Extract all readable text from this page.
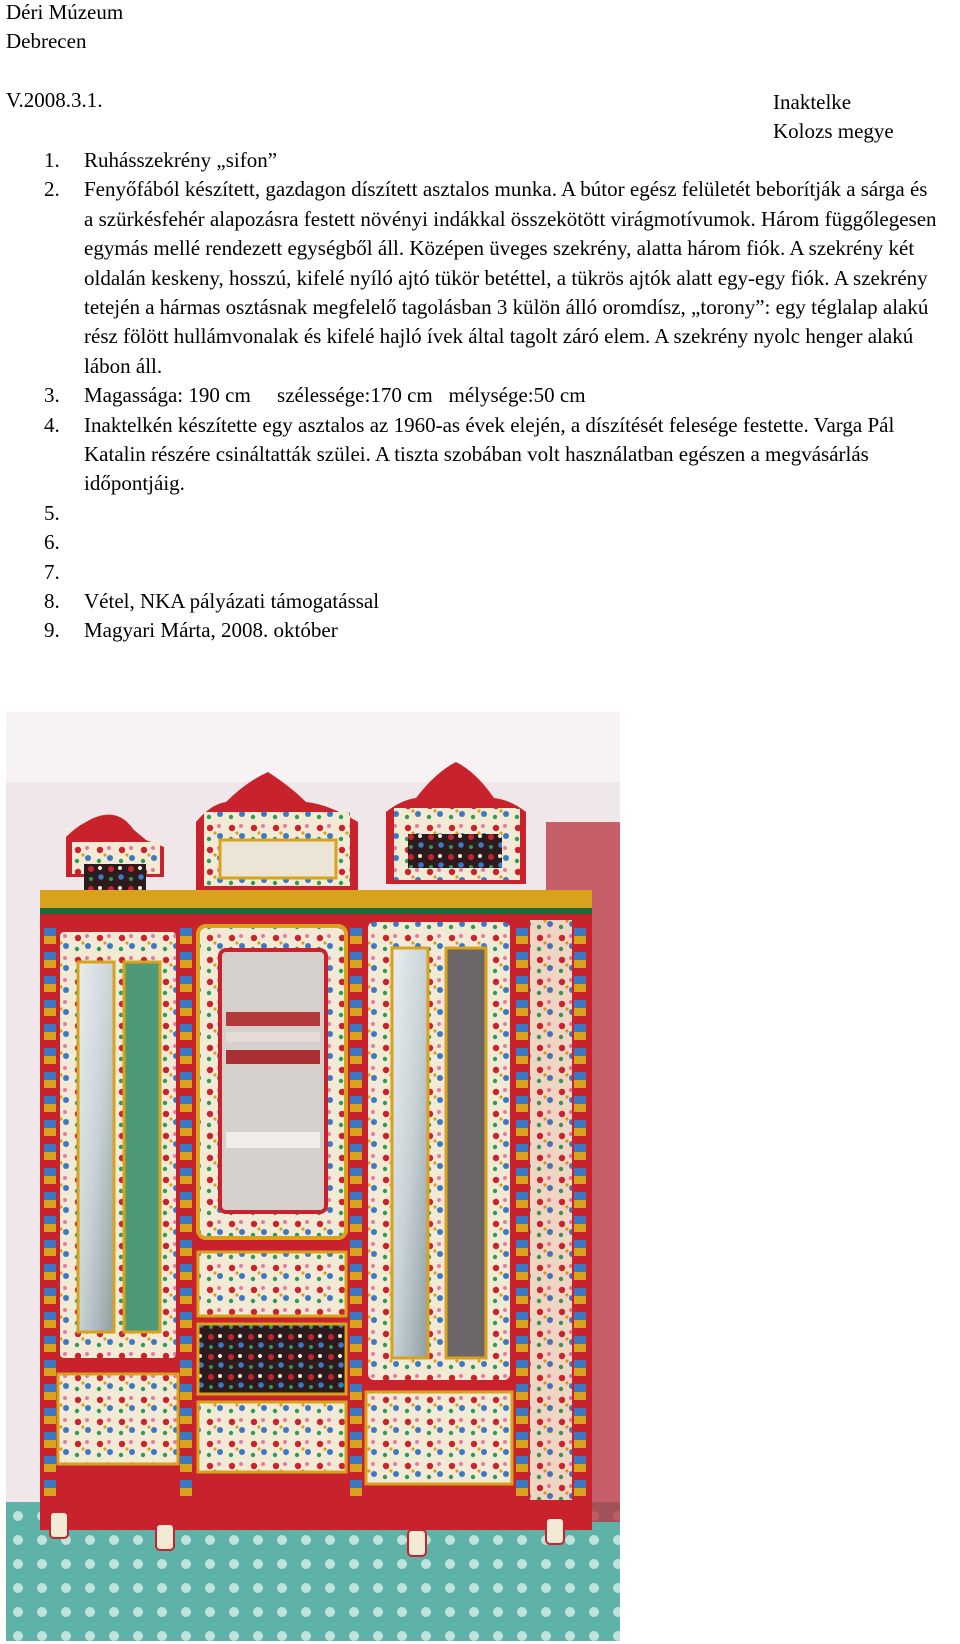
Déri Múzeum
Debrecen
V.2008.3.1.	Inaktelke
Kolozs megye
1. Ruhásszekrény „sifon”
2. Fenyőfából készített, gazdagon díszített asztalos munka. A bútor egész felületét beborítják a sárga és a szürkésfehér alapozásra festett növényi indákkal összekötött virágmotívumok. Három függőlegesen egymás mellé rendezett egységből áll. Középen üveges szekrény, alatta három fiók. A szekrény két oldalán keskeny, hosszú, kifelé nyíló ajtó tükör betéttel, a tükrös ajtók alatt egy-egy fiók. A szekrény tetején a hármas osztásnak megfelelő tagolásban 3 külön álló oromdísz, „torony”: egy téglalap alakú rész fölött hullámvonalak és kifelé hajló ívek által tagolt záró elem. A szekrény nyolc henger alakú lábon áll.
3. Magassága: 190 cm     szélessége:170 cm   mélysége:50 cm
4. Inaktelkén készítette egy asztalos az 1960-as évek elején, a díszítését felesége festette. Varga Pál Katalin részére csináltatták szülei. A tiszta szobában volt használatban egészen a megvásárlás időpontjáig.
5.
6.
7.
8. Vétel, NKA pályázati támogatással
9. Magyari Márta, 2008. október
